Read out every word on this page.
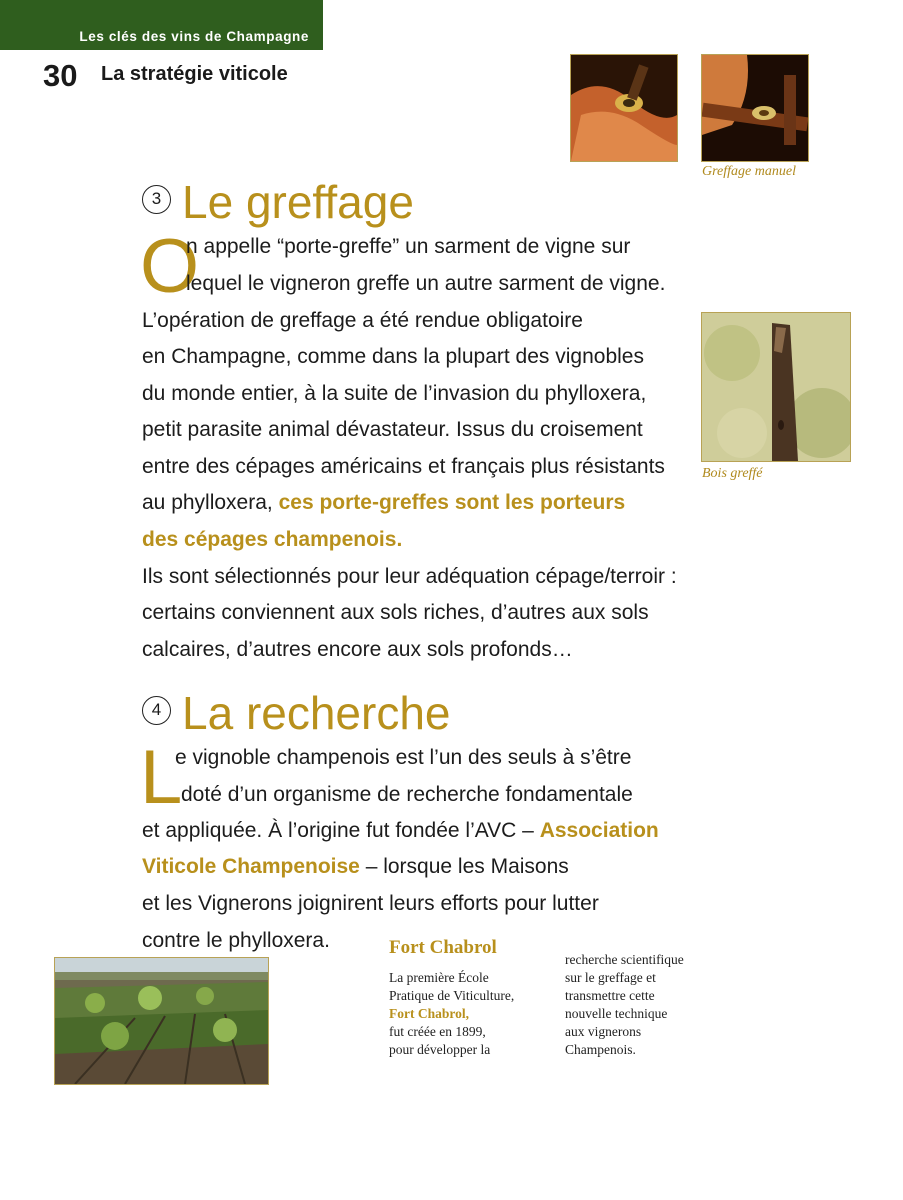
Les clés des vins de Champagne
30 La stratégie viticole
Greffage manuel
Bois greffé
3 Le greffage
O
n appelle “porte-greffe” un sarment de vigne sur
lequel le vigneron greffe un autre sarment de vigne.
L’opération de greffage a été rendue obligatoire
en Champagne, comme dans la plupart des vignobles
du monde entier, à la suite de l’invasion du phylloxera,
petit parasite animal dévastateur. Issus du croisement
entre des cépages américains et français plus résistants
au phylloxera, ces porte-greffes sont les porteurs
des cépages champenois.
Ils sont sélectionnés pour leur adéquation cépage/terroir :
certains conviennent aux sols riches, d’autres aux sols
calcaires, d’autres encore aux sols profonds…
4 La recherche
L
e vignoble champenois est l’un des seuls à s’être
doté d’un organisme de recherche fondamentale
et appliquée. À l’origine fut fondée l’AVC – Association
Viticole Champenoise – lorsque les Maisons
et les Vignerons joignirent leurs efforts pour lutter
contre le phylloxera.	Fort Chabrol
La première École
Pratique de Viticulture,
Fort Chabrol,
fut créée en 1899,
pour développer la
recherche scientifique
sur le greffage et
transmettre cette
nouvelle technique
aux vignerons
Champenois.
